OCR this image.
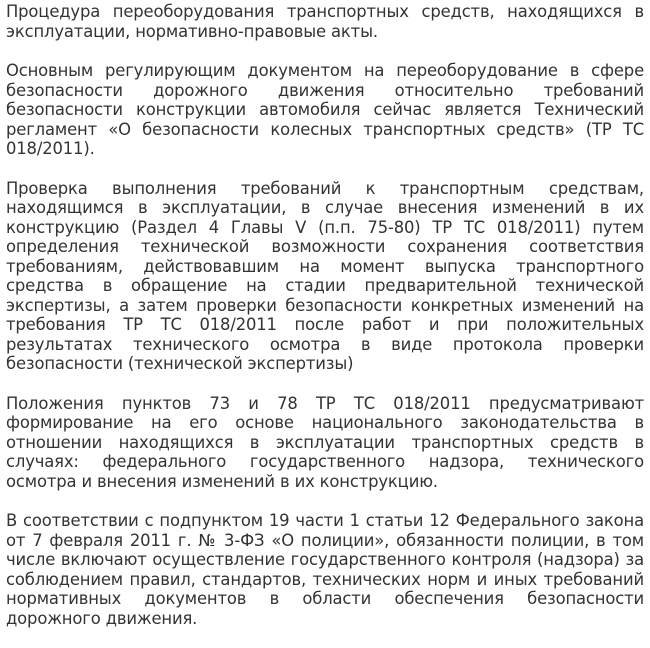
Процедура переоборудования транспортных средств, находящихся в эксплуатации, нормативно-правовые акты.

Основным регулирующим документом на переоборудование в сфере безопасности дорожного движения относительно требований безопасности конструкции автомобиля сейчас является Технический регламент «О безопасности колесных транспортных средств» (ТР ТС 018/2011).

Проверка выполнения требований к транспортным средствам, находящимся в эксплуатации, в случае внесения изменений в их конструкцию (Раздел 4 Главы V (п.п. 75-80) ТР ТС 018/2011) путем определения технической возможности сохранения соответствия требованиям, действовавшим на момент выпуска транспортного средства в обращение на стадии предварительной технической экспертизы, а затем проверки безопасности конкретных изменений на требования ТР ТС 018/2011 после работ и при положительных результатах технического осмотра в виде протокола проверки безопасности (технической экспертизы)

Положения пунктов 73 и 78 ТР ТС 018/2011 предусматривают формирование на его основе национального законодательства в отношении находящихся в эксплуатации транспортных средств в случаях: федерального государственного надзора, технического осмотра и внесения изменений в их конструкцию.

В соответствии с подпунктом 19 части 1 статьи 12 Федерального закона от 7 февраля 2011 г. № 3-ФЗ «О полиции», обязанности полиции, в том числе включают осуществление государственного контроля (надзора) за соблюдением правил, стандартов, технических норм и иных требований нормативных документов в области обеспечения безопасности дорожного движения.
